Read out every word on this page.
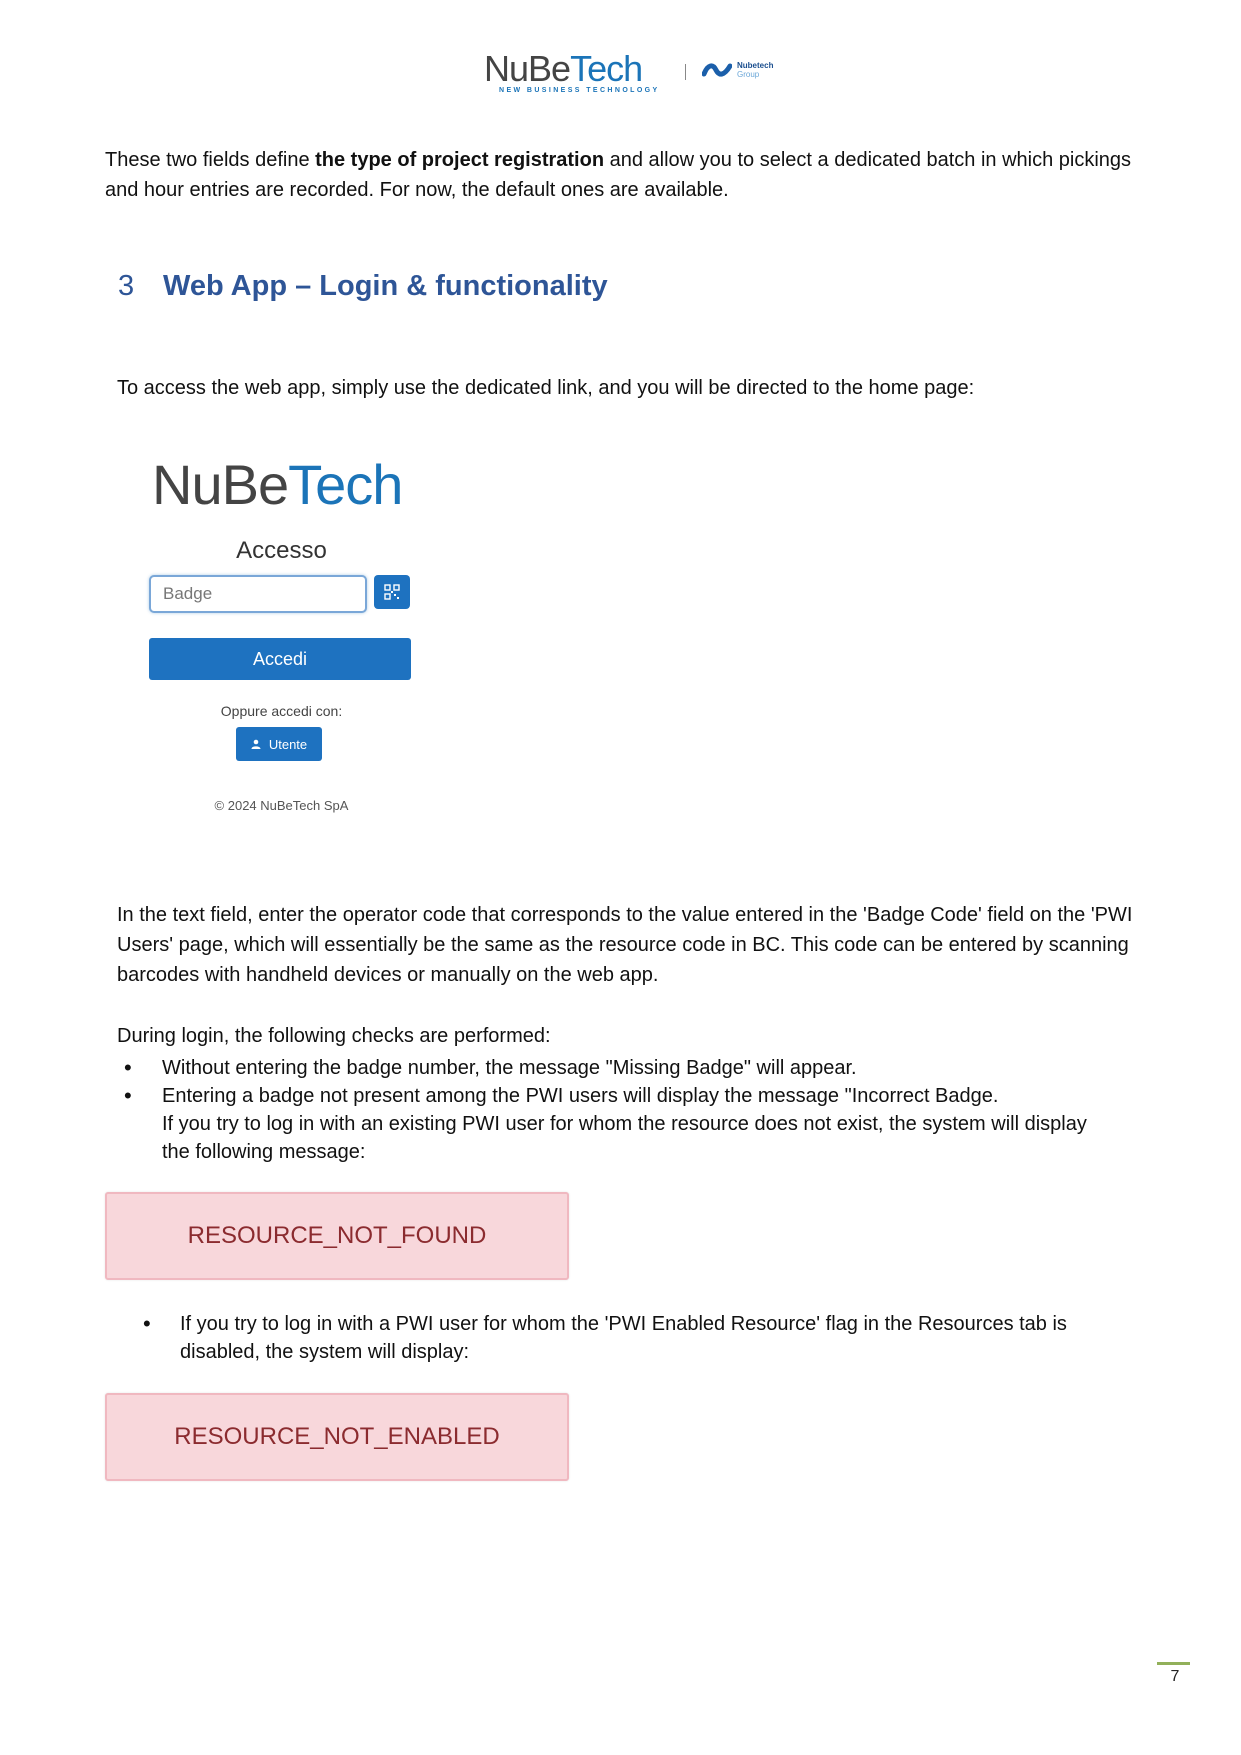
NuBeTech
NEW BUSINESS TECHNOLOGY
Nubetech
Group
These two fields define the type of project registration and allow you to select a dedicated batch in which pickings and hour entries are recorded. For now, the default ones are available.
3 Web App – Login & functionality
To access the web app, simply use the dedicated link, and you will be directed to the home page:
NuBeTech
Accesso
Badge
Accedi
Oppure accedi con:
Utente
© 2024 NuBeTech SpA
In the text field, enter the operator code that corresponds to the value entered in the 'Badge Code' field on the 'PWI Users' page, which will essentially be the same as the resource code in BC. This code can be entered by scanning barcodes with handheld devices or manually on the web app.
During login, the following checks are performed:
• Without entering the badge number, the message "Missing Badge" will appear.
• Entering a badge not present among the PWI users will display the message "Incorrect Badge.
If you try to log in with an existing PWI user for whom the resource does not exist, the system will display the following message:
RESOURCE_NOT_FOUND
• If you try to log in with a PWI user for whom the 'PWI Enabled Resource' flag in the Resources tab is disabled, the system will display:
RESOURCE_NOT_ENABLED
7
